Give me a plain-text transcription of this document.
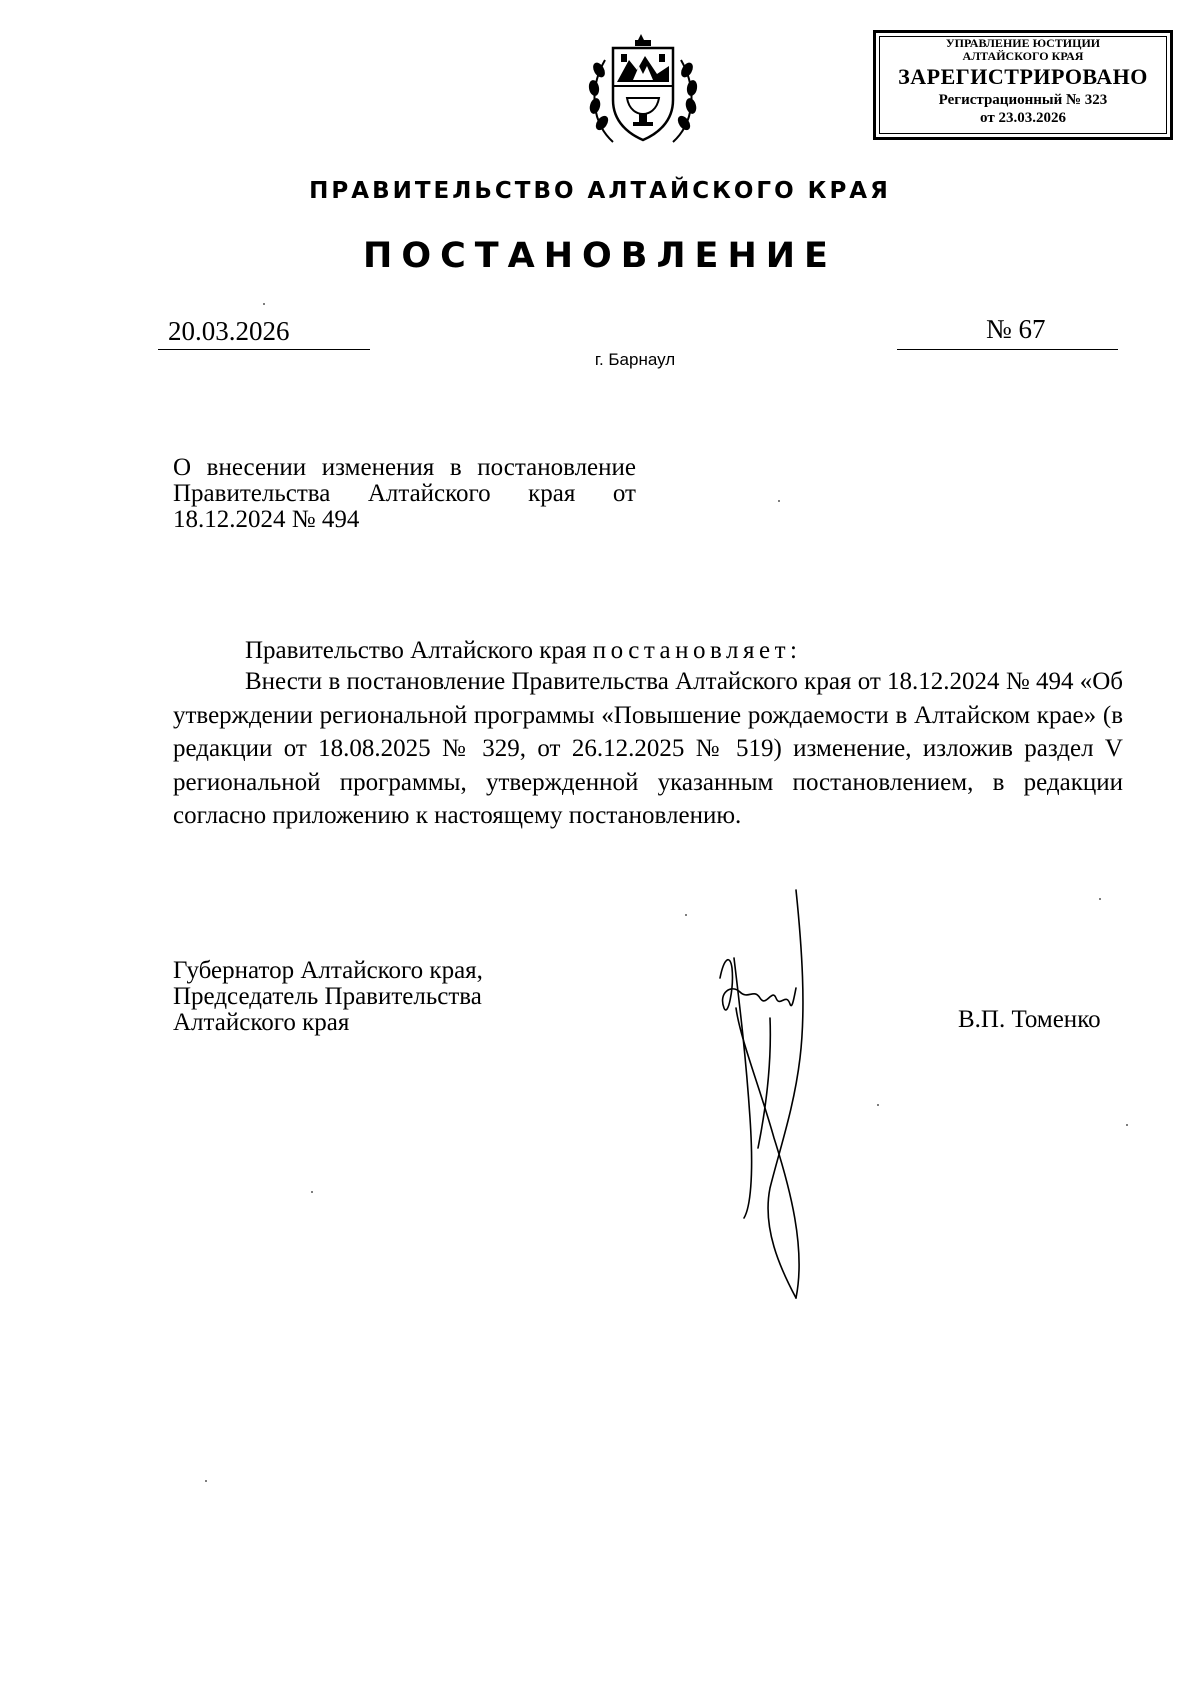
УПРАВЛЕНИЕ ЮСТИЦИИ
АЛТАЙСКОГО КРАЯ
ЗАРЕГИСТРИРОВАНО
Регистрационный № 323
от 23.03.2026
ПРАВИТЕЛЬСТВО АЛТАЙСКОГО КРАЯ
ПОСТАНОВЛЕНИЕ
20.03.2026	№ 67
г. Барнаул
О внесении изменения в постановление Правительства Алтайского края от 18.12.2024 № 494
Правительство Алтайского края постановляет:
Внести в постановление Правительства Алтайского края от 18.12.2024 № 494 «Об утверждении региональной программы «Повышение рождаемости в Алтайском крае» (в редакции от 18.08.2025 № 329, от 26.12.2025 № 519) изменение, изложив раздел V региональной программы, утвержденной указанным постановлением, в редакции согласно приложению к настоящему постановлению.
Губернатор Алтайского края,
Председатель Правительства
Алтайского края	В.П. Томенко
